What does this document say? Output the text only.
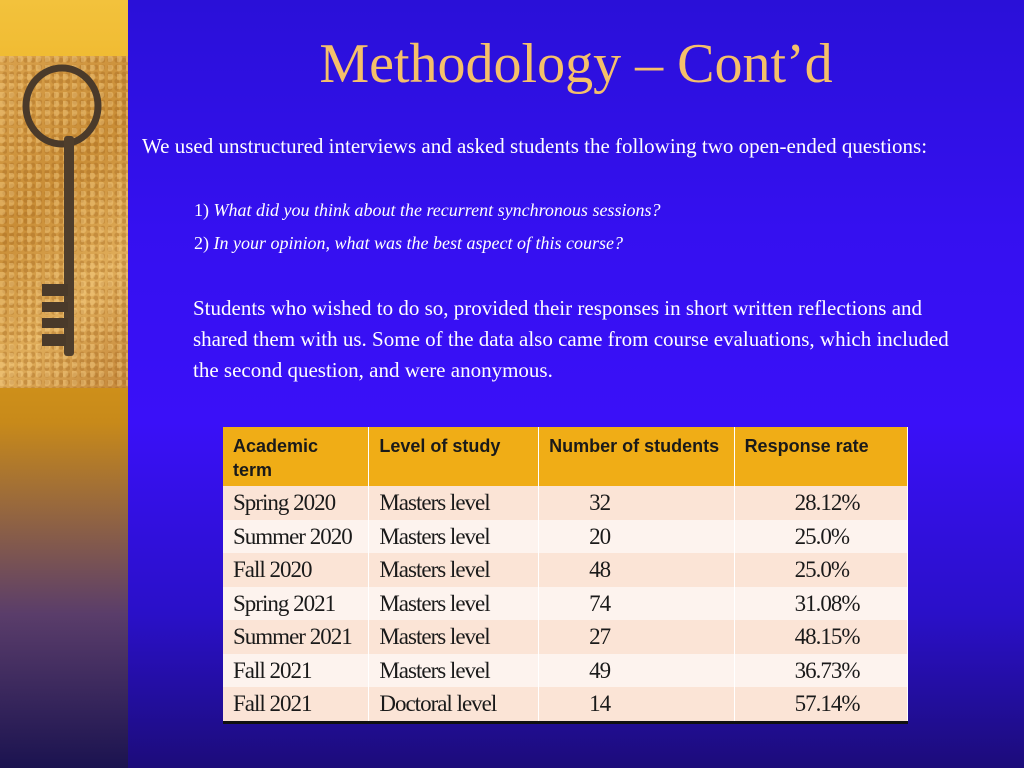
Methodology – Cont’d
We used unstructured interviews and asked students the following two open-ended questions:
1) What did you think about the recurrent synchronous sessions?
2) In your opinion, what was the best aspect of this course?
Students who wished to do so, provided their responses in short written reflections and shared them with us. Some of the data also came from course evaluations, which included the second question, and were anonymous.
Academic term	Level of study	Number of students	Response rate
Spring 2020	Masters level	32	28.12%
Summer 2020	Masters level	20	25.0%
Fall 2020	Masters level	48	25.0%
Spring 2021	Masters level	74	31.08%
Summer 2021	Masters level	27	48.15%
Fall 2021	Masters level	49	36.73%
Fall 2021	Doctoral level	14	57.14%
